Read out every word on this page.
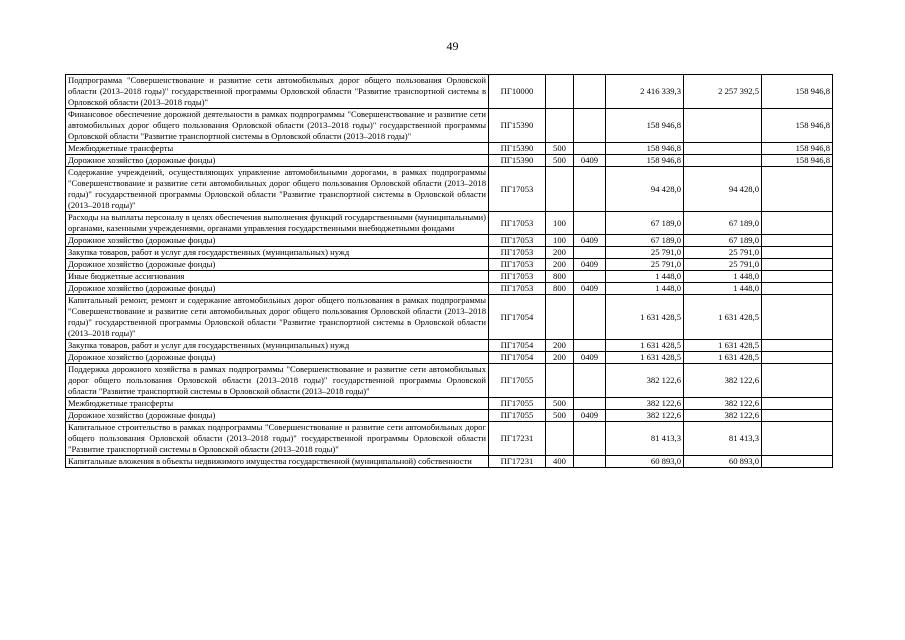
49
Подпрограмма "Совершенствование и развитие сети автомобильных дорог общего пользования Орловской области (2013–2018 годы)" государственной программы Орловской области "Развитие транспортной системы в Орловской области (2013–2018 годы)"	ПГ10000			2 416 339,3	2 257 392,5	158 946,8
Финансовое обеспечение дорожной деятельности в рамках подпрограммы "Совершенствование и развитие сети автомобильных дорог общего пользования Орловской области (2013–2018 годы)" государственной программы Орловской области "Развитие транспортной системы в Орловской области (2013–2018 годы)"	ПГ15390			158 946,8		158 946,8
Межбюджетные трансферты	ПГ15390	500		158 946,8		158 946,8
Дорожное хозяйство (дорожные фонды)	ПГ15390	500	0409	158 946,8		158 946,8
Содержание учреждений, осуществляющих управление автомобильными дорогами, в рамках подпрограммы "Совершенствование и развитие сети автомобильных дорог общего пользования Орловской области (2013–2018 годы)" государственной программы Орловской области "Развитие транспортной системы в Орловской области (2013–2018 годы)"	ПГ17053			94 428,0	94 428,0	
Расходы на выплаты персоналу в целях обеспечения выполнения функций государственными (муниципальными) органами, казенными учреждениями, органами управления государственными внебюджетными фондами	ПГ17053	100		67 189,0	67 189,0	
Дорожное хозяйство (дорожные фонды)	ПГ17053	100	0409	67 189,0	67 189,0	
Закупка товаров, работ и услуг для государственных (муниципальных) нужд	ПГ17053	200		25 791,0	25 791,0	
Дорожное хозяйство (дорожные фонды)	ПГ17053	200	0409	25 791,0	25 791,0	
Иные бюджетные ассигнования	ПГ17053	800		1 448,0	1 448,0	
Дорожное хозяйство (дорожные фонды)	ПГ17053	800	0409	1 448,0	1 448,0	
Капитальный ремонт, ремонт и содержание автомобильных дорог общего пользования в рамках подпрограммы "Совершенствование и развитие сети автомобильных дорог общего пользования Орловской области (2013–2018 годы)" государственной программы Орловской области "Развитие транспортной системы в Орловской области (2013–2018 годы)"	ПГ17054			1 631 428,5	1 631 428,5	
Закупка товаров, работ и услуг для государственных (муниципальных) нужд	ПГ17054	200		1 631 428,5	1 631 428,5	
Дорожное хозяйство (дорожные фонды)	ПГ17054	200	0409	1 631 428,5	1 631 428,5	
Поддержка дорожного хозяйства в рамках подпрограммы "Совершенствование и развитие сети автомобильных дорог общего пользования Орловской области (2013–2018 годы)" государственной программы Орловской области "Развитие транспортной системы в Орловской области (2013–2018 годы)"	ПГ17055			382 122,6	382 122,6	
Межбюджетные трансферты	ПГ17055	500		382 122,6	382 122,6	
Дорожное хозяйство (дорожные фонды)	ПГ17055	500	0409	382 122,6	382 122,6	
Капитальное строительство в рамках подпрограммы "Совершенствование и развитие сети автомобильных дорог общего пользования Орловской области (2013–2018 годы)" государственной программы Орловской области "Развитие транспортной системы в Орловской области (2013–2018 годы)"	ПГ17231			81 413,3	81 413,3	
Капитальные вложения в объекты недвижимого имущества государственной (муниципальной) собственности	ПГ17231	400		60 893,0	60 893,0	
